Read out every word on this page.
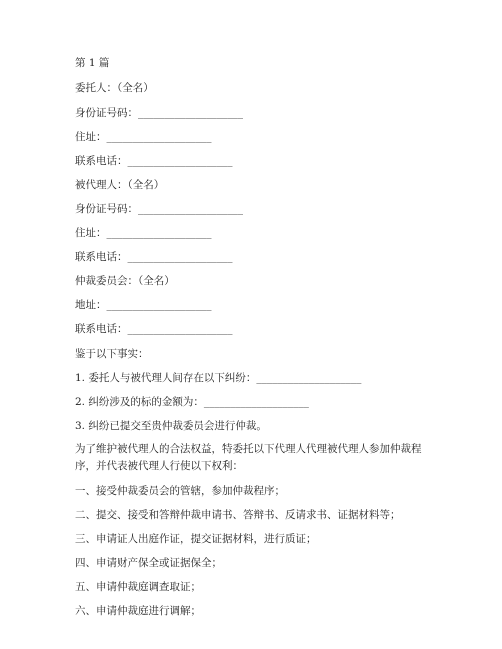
第 1 篇
委托人：（全名）
身份证号码：____________________
住址：____________________
联系电话：____________________
被代理人：（全名）
身份证号码：____________________
住址：____________________
联系电话：____________________
仲裁委员会：（全名）
地址：____________________
联系电话：____________________
鉴于以下事实：
1. 委托人与被代理人间存在以下纠纷：____________________
2. 纠纷涉及的标的金额为：____________________
3. 纠纷已提交至贵仲裁委员会进行仲裁。
为了维护被代理人的合法权益，特委托以下代理人代理被代理人参加仲裁程序，并代表被代理人行使以下权利：
一、接受仲裁委员会的管辖，参加仲裁程序；
二、提交、接受和答辩仲裁申请书、答辩书、反请求书、证据材料等；
三、申请证人出庭作证，提交证据材料，进行质证；
四、申请财产保全或证据保全；
五、申请仲裁庭调查取证；
六、申请仲裁庭进行调解；
